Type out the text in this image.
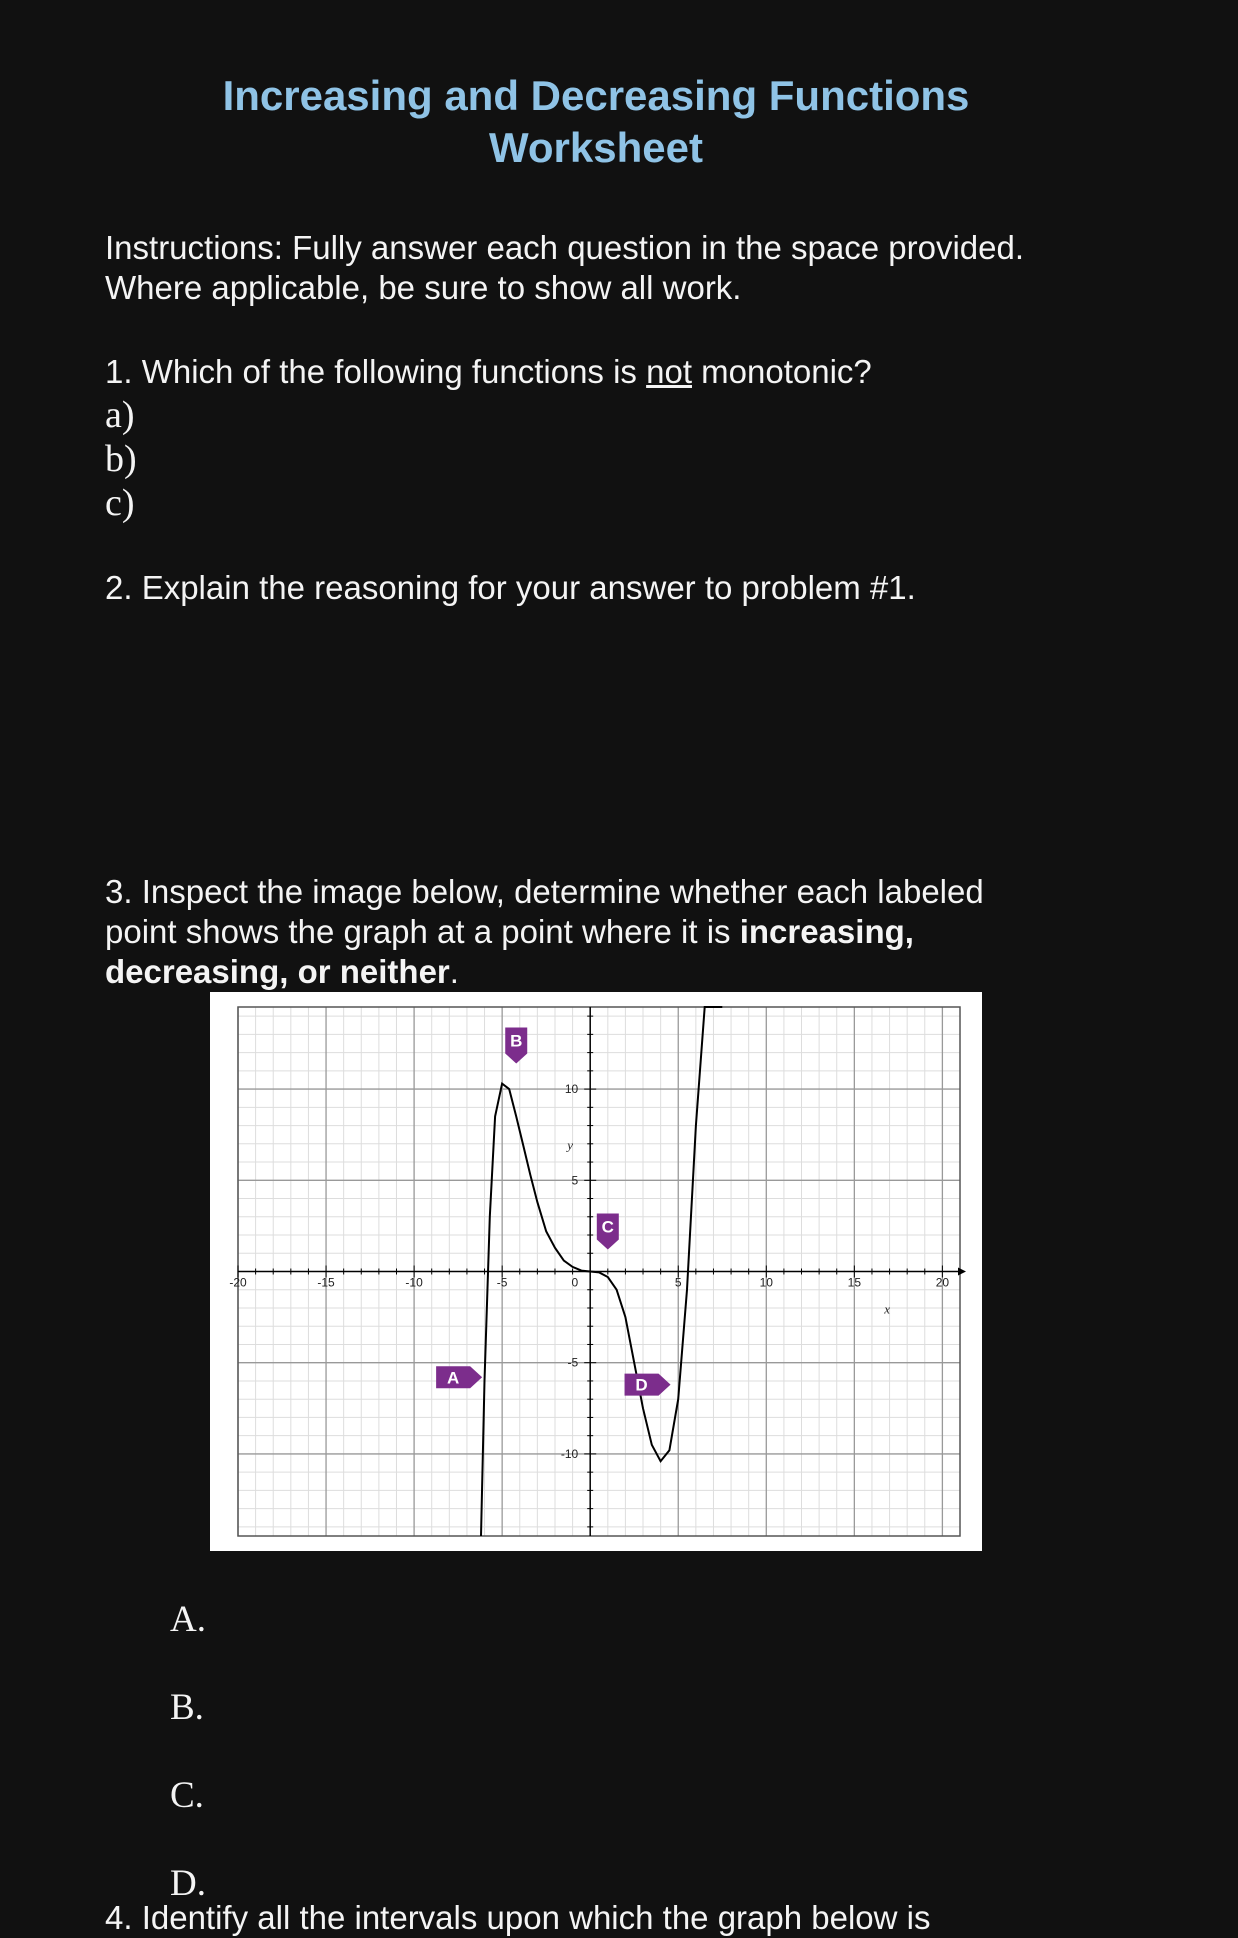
Increasing and Decreasing Functions
Worksheet
Instructions: Fully answer each question in the space provided.
Where applicable, be sure to show all work.
1. Which of the following functions is not monotonic?
a)
b)
c)
2. Explain the reasoning for your answer to problem #1.
3. Inspect the image below, determine whether each labeled
point shows the graph at a point where it is increasing,
decreasing, or neither.
-20	-15	-10	-5	5	10	15	20
10
5
0
-5
-10
x
y
A
B
C
D
A.
B.
C.
D.
4. Identify all the intervals upon which the graph below is
